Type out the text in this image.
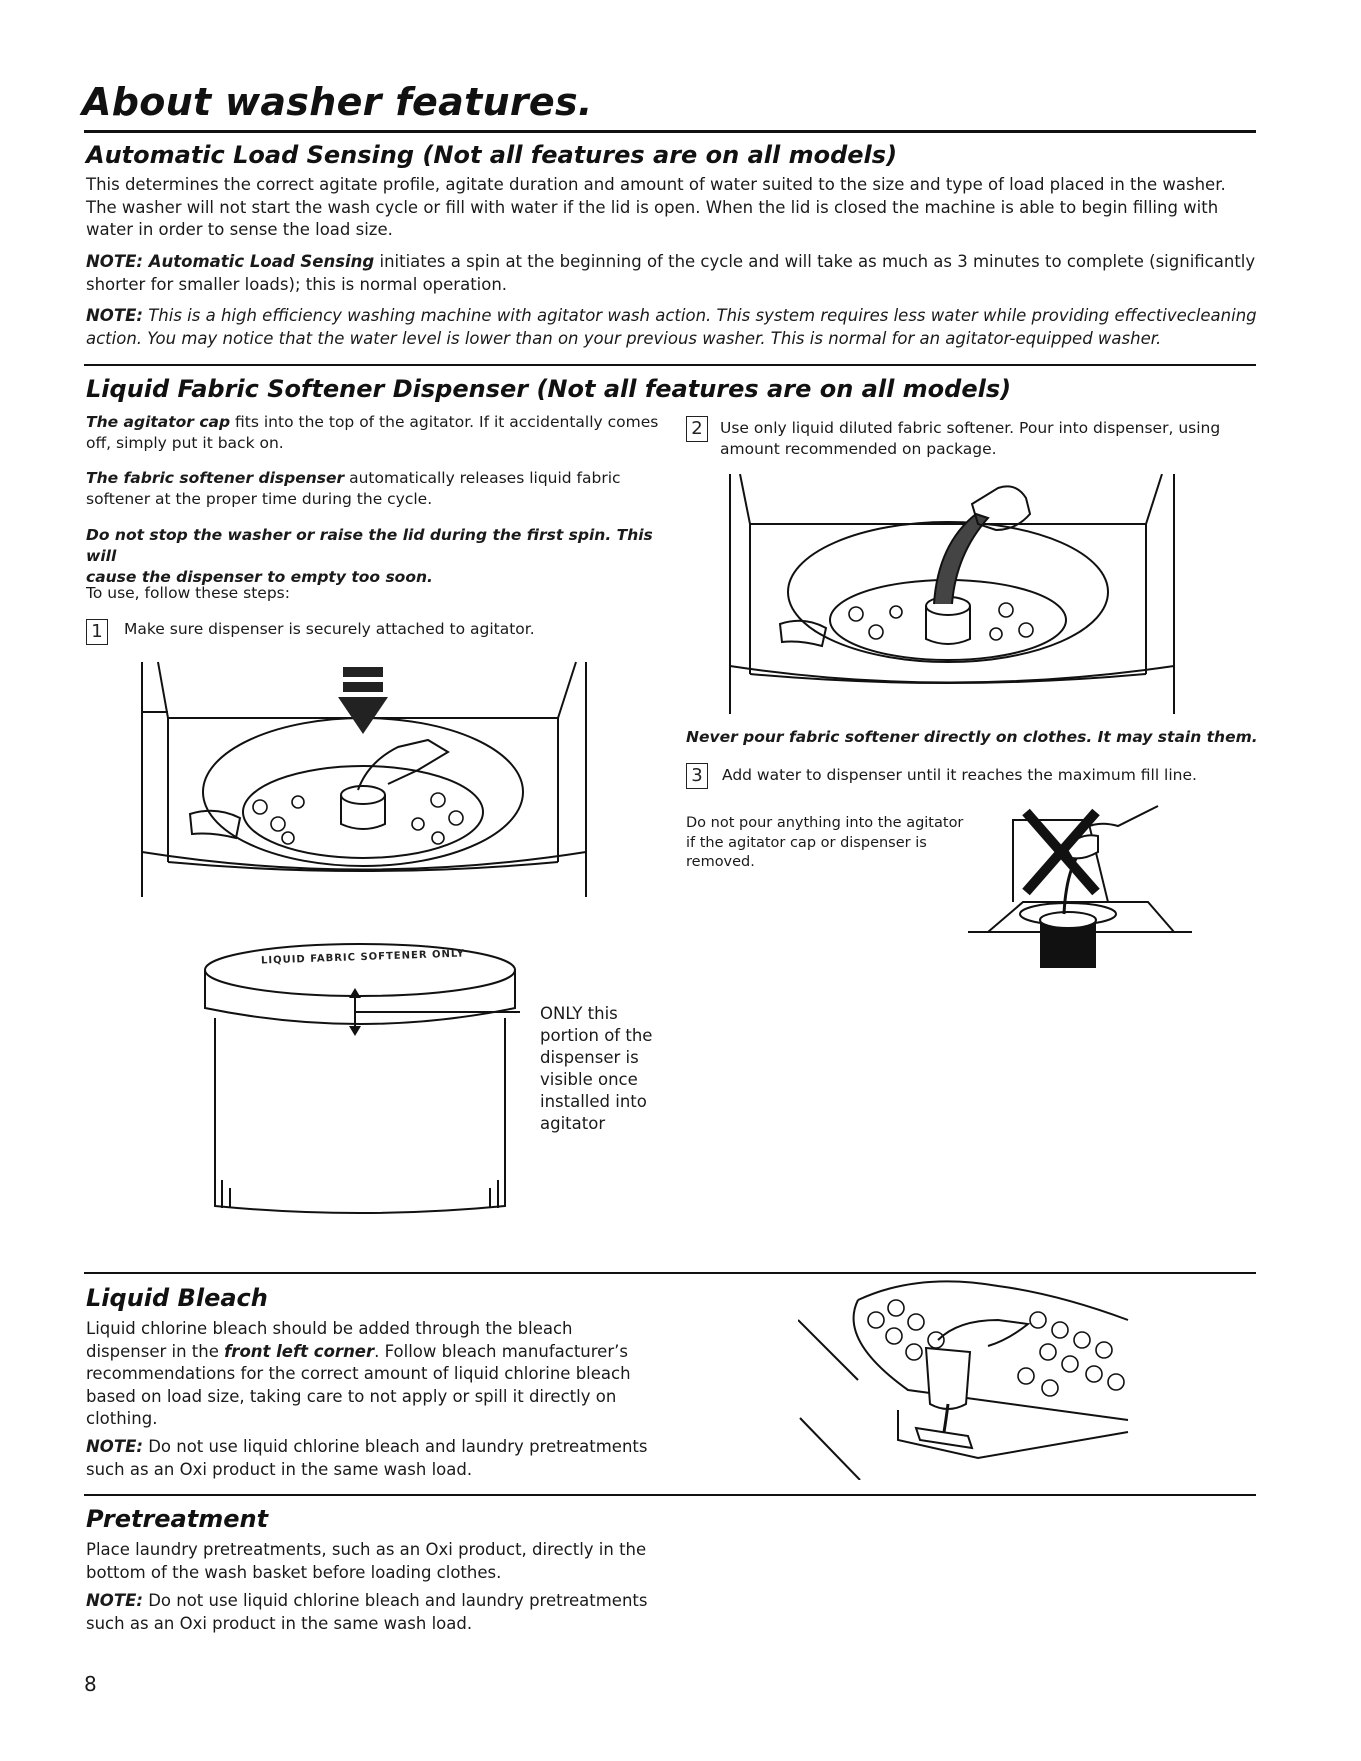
About washer features.
Automatic Load Sensing (Not all features are on all models)
This determines the correct agitate profile, agitate duration and amount of water suited to the size and type of load placed in the washer.
The washer will not start the wash cycle or fill with water if the lid is open. When the lid is closed the machine is able to begin filling with
water in order to sense the load size.
NOTE: Automatic Load Sensing initiates a spin at the beginning of the cycle and will take as much as 3 minutes to complete (significantly
shorter for smaller loads); this is normal operation.
NOTE: This is a high efficiency washing machine with agitator wash action. This system requires less water while providing effectivecleaning
action. You may notice that the water level is lower than on your previous washer. This is normal for an agitator-equipped washer.
Liquid Fabric Softener Dispenser (Not all features are on all models)
The agitator cap fits into the top of the agitator. If it accidentally comes
off, simply put it back on.
The fabric softener dispenser automatically releases liquid fabric
softener at the proper time during the cycle.
Do not stop the washer or raise the lid during the first spin. This will
cause the dispenser to empty too soon.
To use, follow these steps:
1	Make sure dispenser is securely attached to agitator.
LIQUID FABRIC SOFTENER ONLY
ONLY this
portion of the
dispenser is
visible once
installed into
agitator
2	Use only liquid diluted fabric softener. Pour into dispenser, using
amount recommended on package.
Never pour fabric softener directly on clothes. It may stain them.
3	Add water to dispenser until it reaches the maximum fill line.
Do not pour anything into the agitator
if the agitator cap or dispenser is
removed.
Liquid Bleach
Liquid chlorine bleach should be added through the bleach
dispenser in the front left corner. Follow bleach manufacturer’s
recommendations for the correct amount of liquid chlorine bleach
based on load size, taking care to not apply or spill it directly on
clothing.
NOTE: Do not use liquid chlorine bleach and laundry pretreatments
such as an Oxi product in the same wash load.
Pretreatment
Place laundry pretreatments, such as an Oxi product, directly in the
bottom of the wash basket before loading clothes.
NOTE: Do not use liquid chlorine bleach and laundry pretreatments
such as an Oxi product in the same wash load.
8
